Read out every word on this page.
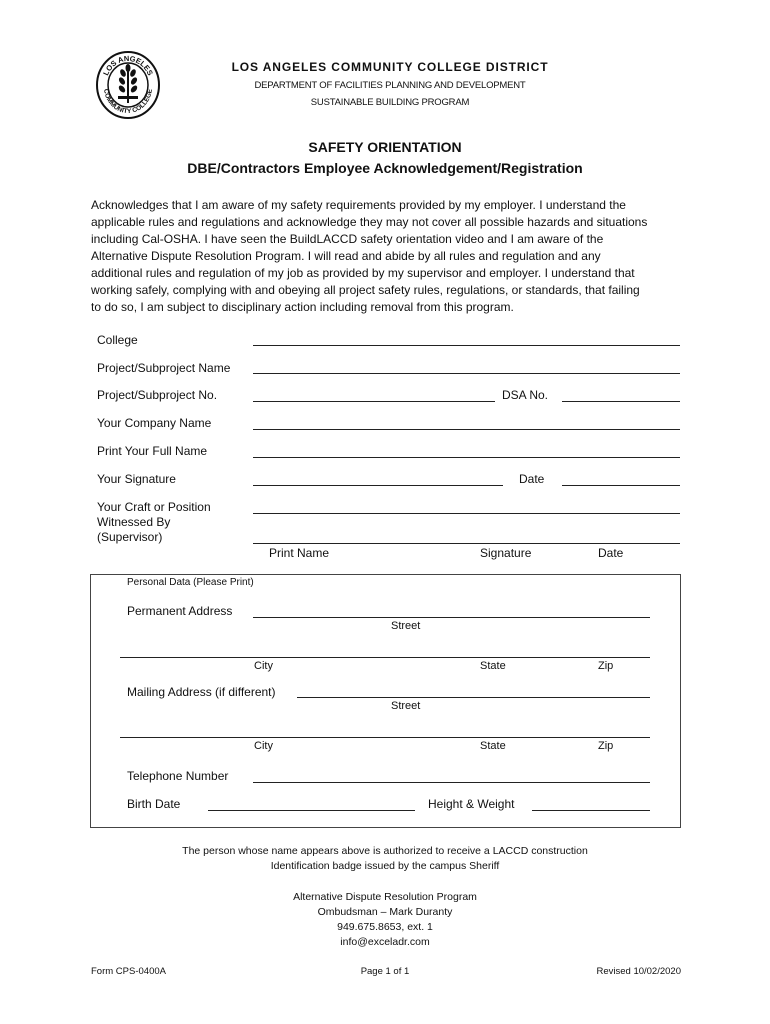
LOS ANGELES
COMMUNITY COLLEGE
LOS ANGELES COMMUNITY COLLEGE DISTRICT
DEPARTMENT OF FACILITIES PLANNING AND DEVELOPMENT
SUSTAINABLE BUILDING PROGRAM
SAFETY ORIENTATION
DBE/Contractors Employee Acknowledgement/Registration
Acknowledges that I am aware of my safety requirements provided by my employer. I understand the
applicable rules and regulations and acknowledge they may not cover all possible hazards and situations
including Cal-OSHA. I have seen the BuildLACCD safety orientation video and I am aware of the
Alternative Dispute Resolution Program. I will read and abide by all rules and regulation and any
additional rules and regulation of my job as provided by my supervisor and employer. I understand that
working safely, complying with and obeying all project safety rules, regulations, or standards, that failing
to do so, I am subject to disciplinary action including removal from this program.
College
Project/Subproject Name
Project/Subproject No.	DSA No.
Your Company Name
Print Your Full Name
Your Signature	Date
Your Craft or Position
Witnessed By
(Supervisor)
Print Name	Signature	Date
Personal Data (Please Print)
Permanent Address
Street
City	State	Zip
Mailing Address (if different)
Street
City	State	Zip
Telephone Number
Birth Date	Height & Weight
The person whose name appears above is authorized to receive a LACCD construction
Identification badge issued by the campus Sheriff
Alternative Dispute Resolution Program
Ombudsman – Mark Duranty
949.675.8653, ext. 1
info@exceladr.com
Form CPS-0400A	Page 1 of 1	Revised 10/02/2020
